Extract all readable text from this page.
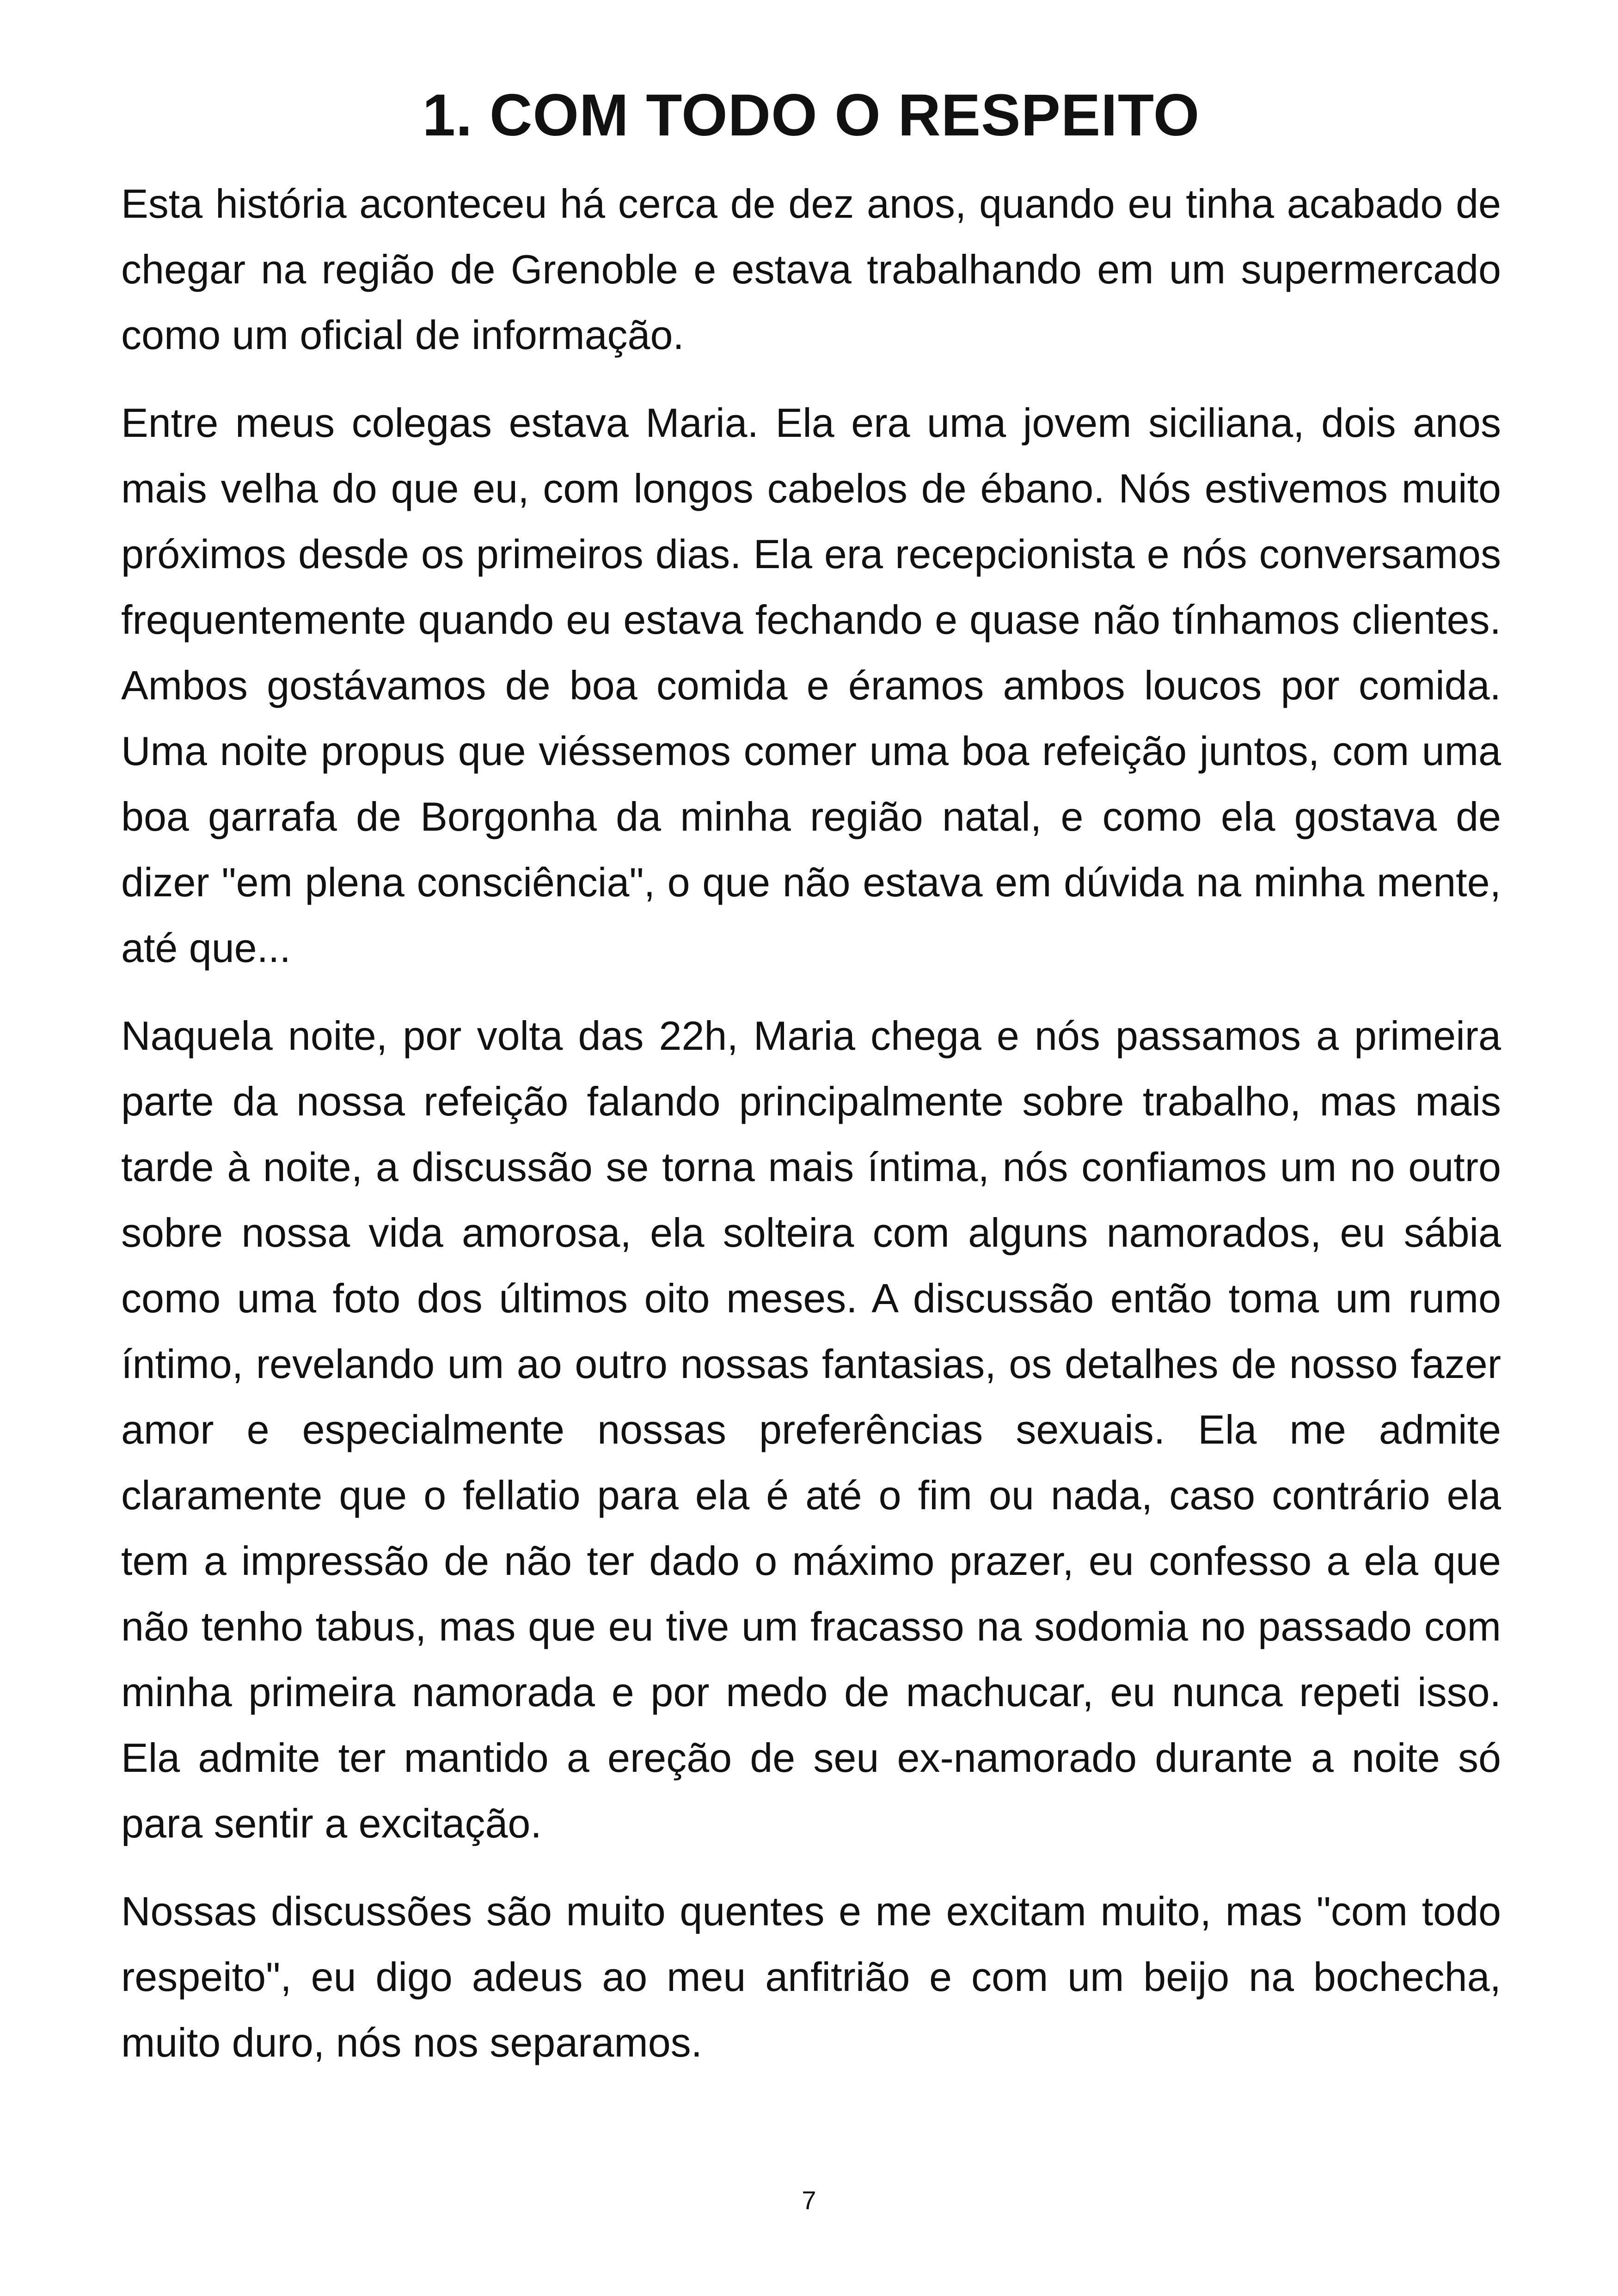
1. COM TODO O RESPEITO

Esta história aconteceu há cerca de dez anos, quando eu tinha acabado de chegar na região de Grenoble e estava trabalhando em um supermercado como um oficial de informação.

Entre meus colegas estava Maria. Ela era uma jovem siciliana, dois anos mais velha do que eu, com longos cabelos de ébano. Nós estivemos muito próximos desde os primeiros dias. Ela era recepcionista e nós conversamos frequentemente quando eu estava fechando e quase não tínhamos clientes. Ambos gostávamos de boa comida e éramos ambos loucos por comida. Uma noite propus que viéssemos comer uma boa refeição juntos, com uma boa garrafa de Borgonha da minha região natal, e como ela gostava de dizer "em plena consciência", o que não estava em dúvida na minha mente, até que...

Naquela noite, por volta das 22h, Maria chega e nós passamos a primeira parte da nossa refeição falando principalmente sobre trabalho, mas mais tarde à noite, a discussão se torna mais íntima, nós confiamos um no outro sobre nossa vida amorosa, ela solteira com alguns namorados, eu sábia como uma foto dos últimos oito meses. A discussão então toma um rumo íntimo, revelando um ao outro nossas fantasias, os detalhes de nosso fazer amor e especialmente nossas preferências sexuais. Ela me admite claramente que o fellatio para ela é até o fim ou nada, caso contrário ela tem a impressão de não ter dado o máximo prazer, eu confesso a ela que não tenho tabus, mas que eu tive um fracasso na sodomia no passado com minha primeira namorada e por medo de machucar, eu nunca repeti isso. Ela admite ter mantido a ereção de seu ex-namorado durante a noite só para sentir a excitação.

Nossas discussões são muito quentes e me excitam muito, mas "com todo respeito", eu digo adeus ao meu anfitrião e com um beijo na bochecha, muito duro, nós nos separamos.

7
